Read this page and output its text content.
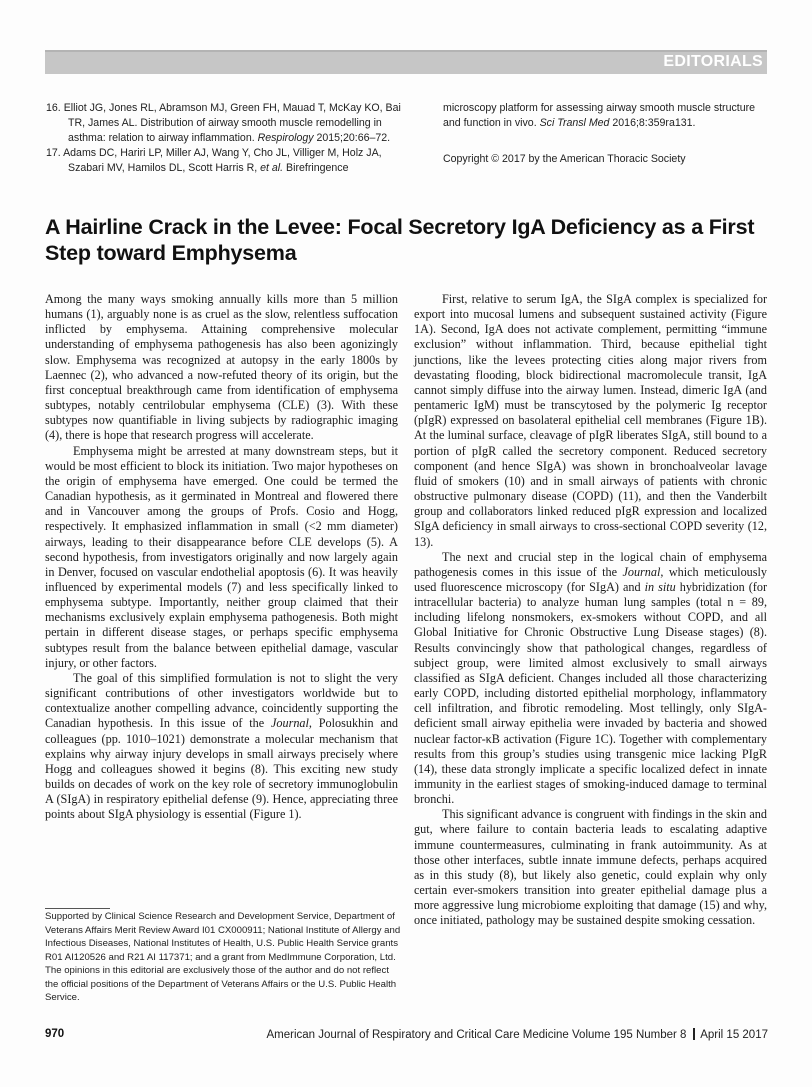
EDITORIALS

16. Elliot JG, Jones RL, Abramson MJ, Green FH, Mauad T, McKay KO, Bai TR, James AL. Distribution of airway smooth muscle remodelling in asthma: relation to airway inflammation. Respirology 2015;20:66–72.

17. Adams DC, Hariri LP, Miller AJ, Wang Y, Cho JL, Villiger M, Holz JA, Szabari MV, Hamilos DL, Scott Harris R, et al. Birefringence

microscopy platform for assessing airway smooth muscle structure and function in vivo. Sci Transl Med 2016;8:359ra131.

Copyright © 2017 by the American Thoracic Society
A Hairline Crack in the Levee: Focal Secretory IgA Deficiency as a First Step toward Emphysema

Among the many ways smoking annually kills more than 5 million humans (1), arguably none is as cruel as the slow, relentless suffocation inflicted by emphysema. Attaining comprehensive molecular understanding of emphysema pathogenesis has also been agonizingly slow. Emphysema was recognized at autopsy in the early 1800s by Laennec (2), who advanced a now-refuted theory of its origin, but the first conceptual breakthrough came from identification of emphysema subtypes, notably centrilobular emphysema (CLE) (3). With these subtypes now quantifiable in living subjects by radiographic imaging (4), there is hope that research progress will accelerate.

Emphysema might be arrested at many downstream steps, but it would be most efficient to block its initiation. Two major hypotheses on the origin of emphysema have emerged. One could be termed the Canadian hypothesis, as it germinated in Montreal and flowered there and in Vancouver among the groups of Profs. Cosio and Hogg, respectively. It emphasized inflammation in small (<2 mm diameter) airways, leading to their disappearance before CLE develops (5). A second hypothesis, from investigators originally and now largely again in Denver, focused on vascular endothelial apoptosis (6). It was heavily influenced by experimental models (7) and less specifically linked to emphysema subtype. Importantly, neither group claimed that their mechanisms exclusively explain emphysema pathogenesis. Both might pertain in different disease stages, or perhaps specific emphysema subtypes result from the balance between epithelial damage, vascular injury, or other factors.

The goal of this simplified formulation is not to slight the very significant contributions of other investigators worldwide but to contextualize another compelling advance, coincidently supporting the Canadian hypothesis. In this issue of the Journal, Polosukhin and colleagues (pp. 1010–1021) demonstrate a molecular mechanism that explains why airway injury develops in small airways precisely where Hogg and colleagues showed it begins (8). This exciting new study builds on decades of work on the key role of secretory immunoglobulin A (SIgA) in respiratory epithelial defense (9). Hence, appreciating three points about SIgA physiology is essential (Figure 1).

First, relative to serum IgA, the SIgA complex is specialized for export into mucosal lumens and subsequent sustained activity (Figure 1A). Second, IgA does not activate complement, permitting “immune exclusion” without inflammation. Third, because epithelial tight junctions, like the levees protecting cities along major rivers from devastating flooding, block bidirectional macromolecule transit, IgA cannot simply diffuse into the airway lumen. Instead, dimeric IgA (and pentameric IgM) must be transcytosed by the polymeric Ig receptor (pIgR) expressed on basolateral epithelial cell membranes (Figure 1B). At the luminal surface, cleavage of pIgR liberates SIgA, still bound to a portion of pIgR called the secretory component. Reduced secretory component (and hence SIgA) was shown in bronchoalveolar lavage fluid of smokers (10) and in small airways of patients with chronic obstructive pulmonary disease (COPD) (11), and then the Vanderbilt group and collaborators linked reduced pIgR expression and localized SIgA deficiency in small airways to cross-sectional COPD severity (12, 13).

The next and crucial step in the logical chain of emphysema pathogenesis comes in this issue of the Journal, which meticulously used fluorescence microscopy (for SIgA) and in situ hybridization (for intracellular bacteria) to analyze human lung samples (total n = 89, including lifelong nonsmokers, ex-smokers without COPD, and all Global Initiative for Chronic Obstructive Lung Disease stages) (8). Results convincingly show that pathological changes, regardless of subject group, were limited almost exclusively to small airways classified as SIgA deficient. Changes included all those characterizing early COPD, including distorted epithelial morphology, inflammatory cell infiltration, and fibrotic remodeling. Most tellingly, only SIgA-deficient small airway epithelia were invaded by bacteria and showed nuclear factor-κB activation (Figure 1C). Together with complementary results from this group’s studies using transgenic mice lacking PIgR (14), these data strongly implicate a specific localized defect in innate immunity in the earliest stages of smoking-induced damage to terminal bronchi.

This significant advance is congruent with findings in the skin and gut, where failure to contain bacteria leads to escalating adaptive immune countermeasures, culminating in frank autoimmunity. As at those other interfaces, subtle innate immune defects, perhaps acquired as in this study (8), but likely also genetic, could explain why only certain ever-smokers transition into greater epithelial damage plus a more aggressive lung microbiome exploiting that damage (15) and why, once initiated, pathology may be sustained despite smoking cessation.

Supported by Clinical Science Research and Development Service, Department of Veterans Affairs Merit Review Award I01 CX000911; National Institute of Allergy and Infectious Diseases, National Institutes of Health, U.S. Public Health Service grants R01 AI120526 and R21 AI 117371; and a grant from MedImmune Corporation, Ltd. The opinions in this editorial are exclusively those of the author and do not reflect the official positions of the Department of Veterans Affairs or the U.S. Public Health Service.

970	American Journal of Respiratory and Critical Care Medicine Volume 195 Number 8 April 15 2017
